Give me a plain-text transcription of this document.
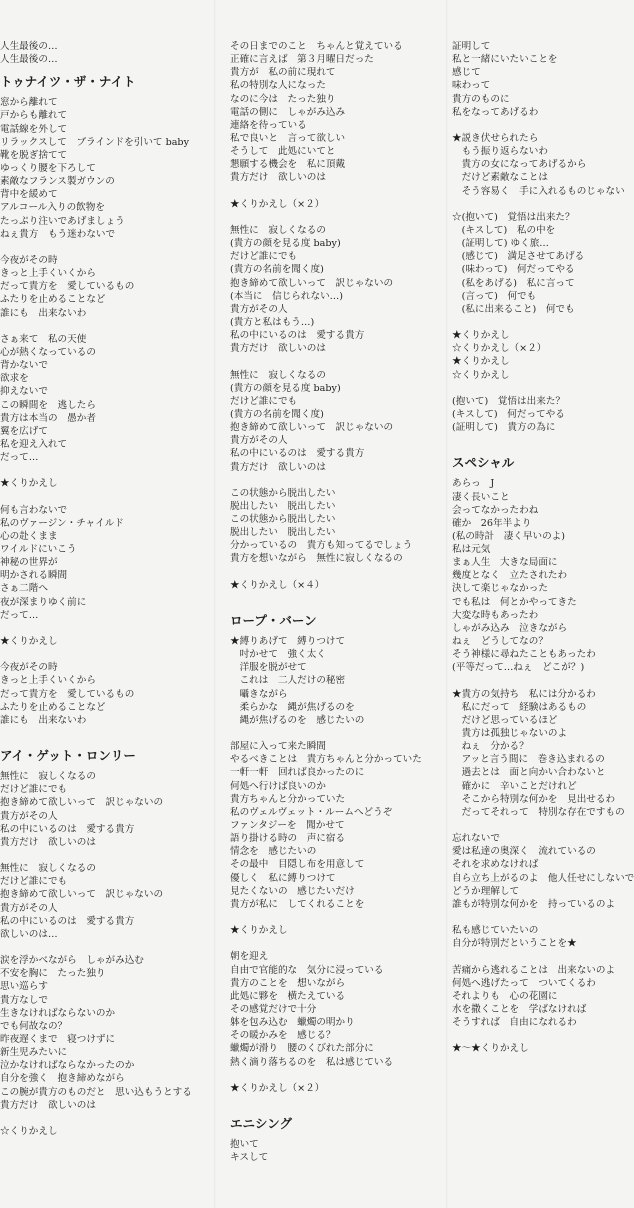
人生最後の…
人生最後の…
トゥナイツ・ザ・ナイト
窓から離れて
戸からも離れて
電話線を外して
リラックスして　ブラインドを引いて baby
靴を脱ぎ捨てて
ゆっくり腰を下ろして
素敵なフランス製ガウンの
背中を緩めて
アルコール入りの飲物を
たっぷり注いであげましょう
ねぇ貴方　もう迷わないで
今夜がその時
きっと上手くいくから
だって貴方を　愛しているもの
ふたりを止めることなど
誰にも　出来ないわ
さぁ来て　私の天使
心が熱くなっているの
背かないで
欲求を
抑えないで
この瞬間を　逃したら
貴方は本当の　愚か者
翼を広げて
私を迎え入れて
だって…
★くりかえし
何も言わないで
私のヴァージン・チャイルド
心の赴くまま
ワイルドにいこう
神秘の世界が
明かされる瞬間
さぁ二階へ
夜が深まりゆく前に
だって…
★くりかえし
今夜がその時
きっと上手くいくから
だって貴方を　愛しているもの
ふたりを止めることなど
誰にも　出来ないわ
アイ・ゲット・ロンリー
無性に　寂しくなるの
だけど誰にでも
抱き締めて欲しいって　訳じゃないの
貴方がその人
私の中にいるのは　愛する貴方
貴方だけ　欲しいのは
無性に　寂しくなるの
だけど誰にでも
抱き締めて欲しいって　訳じゃないの
貴方がその人
私の中にいるのは　愛する貴方
欲しいのは…
涙を浮かべながら　しゃがみ込む
不安を胸に　たった独り
思い巡らす
貴方なしで
生きなければならないのか
でも何故なの？
昨夜遅くまで　寝つけずに
新生児みたいに
泣かなければならなかったのか
自分を強く　抱き締めながら
この腕が貴方のものだと　思い込もうとする
貴方だけ　欲しいのは
☆くりかえし
その日までのこと　ちゃんと覚えている
正確に言えば　第３月曜日だった
貴方が　私の前に現れて
私の特別な人になった
なのに今は　たった独り
電話の側に　しゃがみ込み
連絡を待っている
私で良いと　言って欲しい
そうして　此処にいてと
懇願する機会を　私に頂戴
貴方だけ　欲しいのは
★くりかえし（×２）
無性に　寂しくなるの
(貴方の顔を見る度 baby)
だけど誰にでも
(貴方の名前を聞く度)
抱き締めて欲しいって　訳じゃないの
(本当に　信じられない…)
貴方がその人
(貴方と私はもう…)
私の中にいるのは　愛する貴方
貴方だけ　欲しいのは
無性に　寂しくなるの
(貴方の顔を見る度 baby)
だけど誰にでも
(貴方の名前を聞く度)
抱き締めて欲しいって　訳じゃないの
貴方がその人
私の中にいるのは　愛する貴方
貴方だけ　欲しいのは
この状態から脱出したい
脱出したい　脱出したい
この状態から脱出したい
脱出したい　脱出したい
分かっているの　貴方も知ってるでしょう
貴方を想いながら　無性に寂しくなるの
★くりかえし（×４）
ロープ・バーン
★縛りあげて　縛りつけて
　吋かせて　強く太く
　洋服を脱がせて
　これは　二人だけの秘密
　囁きながら
　柔らかな　縄が焦げるのを
　縄が焦げるのを　感じたいの
部屋に入って来た瞬間
やるべきことは　貴方ちゃんと分かっていた
一軒一軒　回れば良かったのに
何処へ行けば良いのか
貴方ちゃんと分かっていた
私のヴェルヴェット・ルームへどうぞ
ファンタジーを　聞かせて
語り掛ける時の　声に宿る
情念を　感じたいの
その最中　目隠し布を用意して
優しく　私に縛りつけて
見たくないの　感じたいだけ
貴方が私に　してくれることを
★くりかえし
朝を迎え
自由で官能的な　気分に浸っている
貴方のことを　想いながら
此処に夥を　横たえている
その感覚だけで十分
躰を包み込む　蠟燭の明かり
その暖かみを　感じる？
蠟燭が滑り　腰のくびれた部分に
熱く滴り落ちるのを　私は感じている
★くりかえし（×２）
エニシング
抱いて
キスして
証明して
私と一緒にいたいことを
感じて
味わって
貴方のものに
私をなってあげるわ
★説き伏せられたら
　もう振り返らないわ
　貴方の女になってあげるから
　だけど素敵なことは
　そう容易く　手に入れるものじゃない
☆(抱いて)　覚悟は出来た？
　(キスして)　私の中を
　(証明して) ゆく旅…
　(感じて)　満足させてあげる
　(味わって)　何だってやる
　(私をあげる)　私に言って
　(言って)　何でも
　(私に出来ること)　何でも
★くりかえし
☆くりかえし（×２）
★くりかえし
☆くりかえし
(抱いて)　覚悟は出来た？
(キスして)　何だってやる
(証明して)　貴方の為に
スペシャル
あらっ　J
凄く長いこと
会ってなかったわね
確か　26年半より
(私の時計　凄く早いのよ)
私は元気
まぁ人生　大きな局面に
幾度となく　立たされたわ
決して楽じゃなかった
でも私は　何とかやってきた
大変な時もあったわ
しゃがみ込み　泣きながら
ねぇ　どうしてなの？
そう神様に尋ねたこともあったわ
(平等だって…ねぇ　どこが？)
★貴方の気持ち　私には分かるわ
　私にだって　経験はあるもの
　だけど思っているほど
　貴方は孤独じゃないのよ
　ねぇ　分かる？
　アッと言う間に　巻き込まれるの
　過去とは　面と向かい合わないと
　確かに　辛いことだけれど
　そこから特別な何かを　見出せるわ
　だってそれって　特別な存在ですもの
忘れないで
愛は私達の奥深く　流れているの
それを求めなければ
自ら立ち上がるのよ　他人任せにしないで
どうか理解して
誰もが特別な何かを　持っているのよ
私も感じていたいの
自分が特別だということを★
苦痛から逃れることは　出来ないのよ
何処へ逃げたって　ついてくるわ
それよりも　心の花園に
水を撒くことを　学ばなければ
そうすれば　自由になれるわ
★〜★くりかえし
